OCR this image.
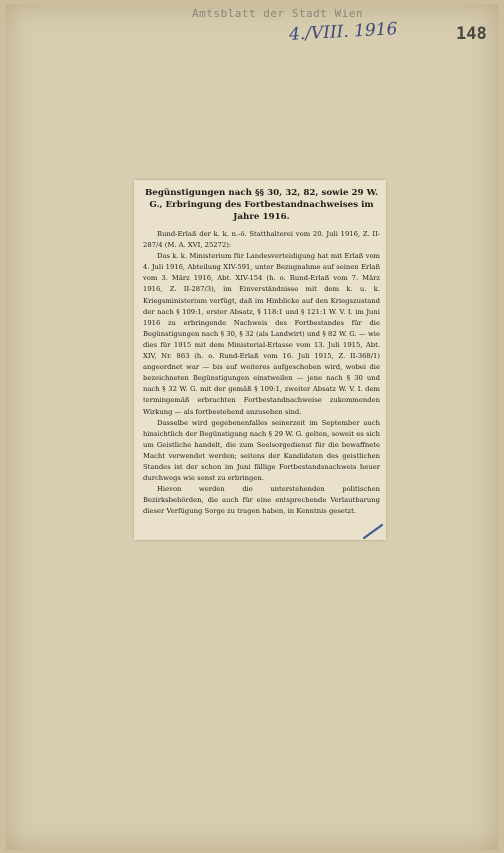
Amtsblatt der Stadt Wien
4./VIII. 1916	148

Begünstigungen nach §§ 30, 32, 82, sowie 29 W. G., Erbringung des Fortbestandnachweises im Jahre 1916.

Rund-Erlaß der k. k. n.-ö. Statthalterei vom 20. Juli 1916, Z. II-287/4 (M. A. XVI, 25272):

Das k. k. Ministerium für Landesverteidigung hat mit Erlaß vom 4. Juli 1916, Abteilung XIV-591, unter Bezugnahme auf seinen Erlaß vom 3. März 1916, Abt. XIV-154 (h. o. Rund-Erlaß vom 7. März 1916, Z. II-287/3), im Einverständnisse mit dem k. u. k. Kriegsministerium verfügt, daß im Hinblicke auf den Kriegszustand der nach § 109:1, erster Absatz, § 118:1 und § 121:1 W. V. I. im Juni 1916 zu erbringende Nachweis des Fortbestandes für die Begünstigungen nach § 30, § 32 (als Landwirt) und § 82 W. G. — wie dies für 1915 mit dem Ministerial-Erlasse vom 13. Juli 1915, Abt. XIV, Nr. 863 (h. o. Rund-Erlaß vom 16. Juli 1915, Z. II-368/1) angeordnet war — bis auf weiteres aufgeschoben wird, wobei die bezeichneten Begünstigungen einstweilen — jene nach § 30 und nach § 32 W. G. mit der gemäß § 109:1, zweiter Absatz W. V. I. dem termingemäß erbrachten Fortbestandnachweise zukommenden Wirkung — als fortbestehend anzusehen sind.

Dasselbe wird gegebenenfalles seinerzeit im September auch hinsichtlich der Begünstigung nach § 29 W. G. gelten, soweit es sich um Geistliche handelt, die zum Seelsorgedienst für die bewaffnete Macht verwendet werden; seitens der Kandidaten des geistlichen Standes ist der schon im Juni fällige Fortbestandsnachweis heuer durchwegs wie sonst zu erbringen.

Hievon werden die unterstehenden politischen Bezirksbehörden, die auch für eine entsprechende Verlautbarung dieser Verfügung Sorge zu tragen haben, in Kenntnis gesetzt.
